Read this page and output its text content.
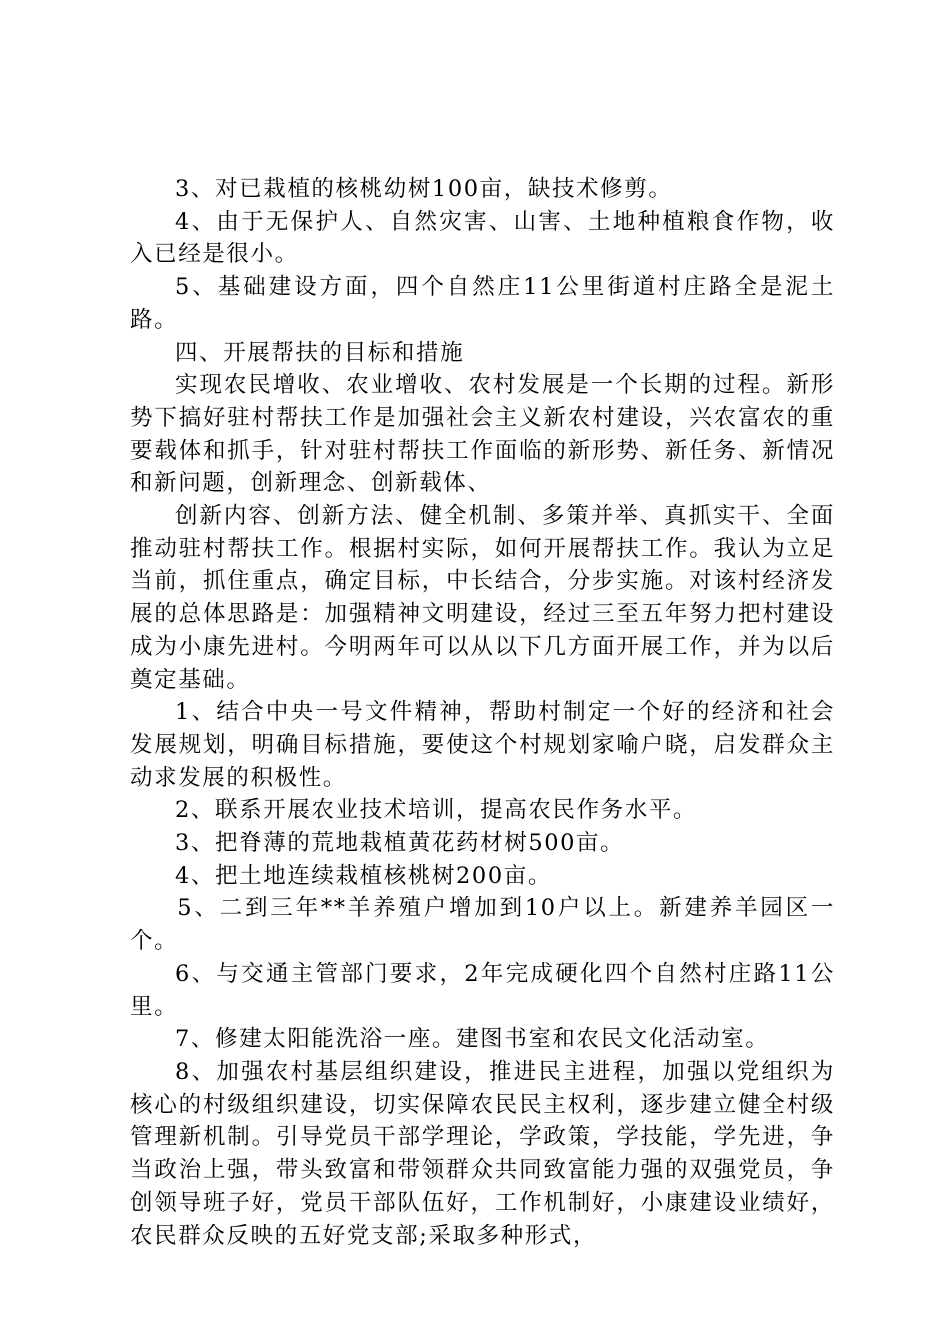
3、对已栽植的核桃幼树100亩，缺技术修剪。

4、由于无保护人、自然灾害、山害、土地种植粮食作物，收入已经是很小。

5、基础建设方面，四个自然庄11公里街道村庄路全是泥土路。

四、开展帮扶的目标和措施

实现农民增收、农业增收、农村发展是一个长期的过程。新形势下搞好驻村帮扶工作是加强社会主义新农村建设，兴农富农的重要载体和抓手，针对驻村帮扶工作面临的新形势、新任务、新情况和新问题，创新理念、创新载体、

创新内容、创新方法、健全机制、多策并举、真抓实干、全面推动驻村帮扶工作。根据村实际，如何开展帮扶工作。我认为立足当前，抓住重点，确定目标，中长结合，分步实施。对该村经济发展的总体思路是：加强精神文明建设，经过三至五年努力把村建设成为小康先进村。今明两年可以从以下几方面开展工作，并为以后奠定基础。

1、结合中央一号文件精神，帮助村制定一个好的经济和社会发展规划，明确目标措施，要使这个村规划家喻户晓，启发群众主动求发展的积极性。

2、联系开展农业技术培训，提高农民作务水平。

3、把脊薄的荒地栽植黄花药材树500亩。

4、把土地连续栽植核桃树200亩。

5、二到三年**羊养殖户增加到10户以上。新建养羊园区一个。

6、与交通主管部门要求，2年完成硬化四个自然村庄路11公里。

7、修建太阳能洗浴一座。建图书室和农民文化活动室。

8、加强农村基层组织建设，推进民主进程，加强以党组织为核心的村级组织建设，切实保障农民民主权利，逐步建立健全村级管理新机制。引导党员干部学理论，学政策，学技能，学先进，争当政治上强，带头致富和带领群众共同致富能力强的双强党员，争创领导班子好，党员干部队伍好，工作机制好，小康建设业绩好，农民群众反映的五好党支部;采取多种形式，
